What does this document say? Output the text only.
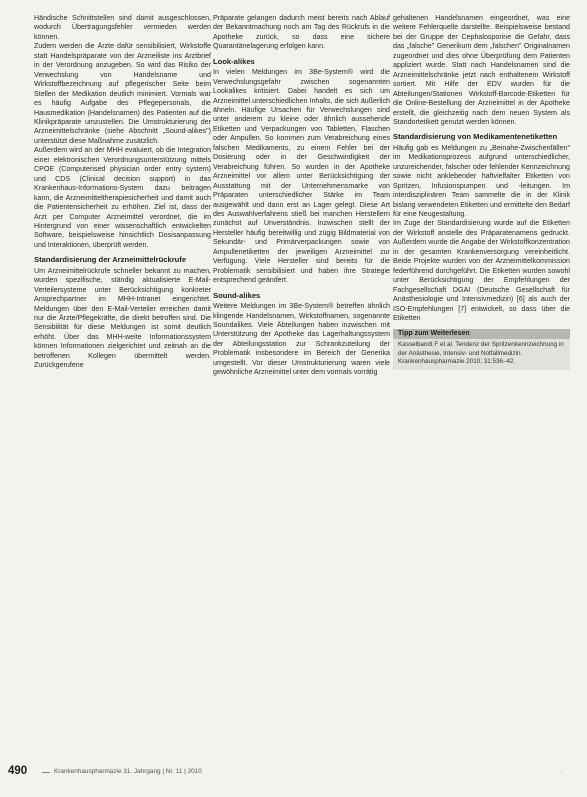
Händische Schnittstellen sind damit ausgeschlossen, wodurch Übertragungsfehler vermieden werden können.

Zudem werden die Ärzte dafür sensibilisiert, Wirkstoffe statt Handelspräparate von der Arzneiliste ins Arztbrief in der Verordnung anzugeben. So wird das Risiko der Verwechslung von Handelsname und Wirkstoffbezeichnung auf pflegerischer Seite beim Stellen der Medikation deutlich minimiert. Vormals war es häufig Aufgabe des Pflegepersonals, die Hausmedikation (Handelsnamen) des Patienten auf die Klinikpräparate umzustellen. Die Umstrukturierung der Arzneimittelschränke (siehe Abschnitt „Sound-alikes") unterstützt diese Maßnahme zusätzlich.

Außerdem wird an der MHH evaluiert, ob die Integration einer elektronischen Verordnungsunterstützung mittels CPOE (Computerised physician order entry system) und CDS (Clinical decision support) in das Krankenhaus-Informations-System dazu beitragen kann, die Arzneimitteltherapiesicherheit und damit auch die Patientensicherheit zu erhöhen. Ziel ist, dass der Arzt per Computer Arzneimittel verordnet, die im Hintergrund von einer wissenschaftlich entwickelten Software, beispielsweise hinsichtlich Dosisanpassung und Interaktionen, überprüft werden.

Standardisierung der Arzneimittelrückrufe

Um Arzneimittelrückrufe schneller bekannt zu machen, wurden spezifische, ständig aktualisierte E-Mail-Verteilersysteme unter Berücksichtigung konkreter Ansprechpartner im MHH-Intranet eingerichtet. Meldungen über den E-Mail-Verteiler erreichen damit nur die Ärzte/Pflegekräfte, die direkt betroffen sind. Die Sensibilität für diese Meldungen ist somit deutlich erhöht. Über das MHH-weite Informationssystem können Informationen zielgerichtet und zeitnah an die betroffenen Kollegen übermittelt werden. Zurückgerufene

Präparate gelangen dadurch meist bereits nach Ablauf der Bekanntmachung noch am Tag des Rückrufs in die Apotheke zurück, so dass eine sichere Quarantänelagerung erfolgen kann.

Look-alikes

In vielen Meldungen im 3Be-System® wird die Verwechslungsgefahr zwischen sogenannten Lookalikes kritisiert. Dabei handelt es sich um Arzneimittel unterschiedlichen Inhalts, die sich äußerlich ähneln. Häufige Ursachen für Verwechslungen sind unter anderem zu kleine oder ähnlich aussehende Etiketten und Verpackungen von Tabletten, Flaschen oder Ampullen. So kommen zum Verabreichung eines falschen Medikaments, zu einem Fehler bei der Dosierung oder in der Geschwindigkeit der Verabreichung führen. So wurden in der Apotheke Arzneimittel vor allem unter Berücksichtigung der Ausstattung mit der Unternehmensmarke von Präparaten unterschiedlicher Stärke im Team ausgewählt und dann erst an Lager gelegt. Diese Art des Auswahlverfahrens stieß bei manchen Herstellern zunächst auf Unverständnis. Inzwischen stellt der Hersteller häufig bereitwillig und zügig Bildmaterial von Sekundär- und Primärverpackungen sowie von Ampullenetiketten der jeweiligen Arzneimittel zur Verfügung. Viele Hersteller sind bereits für die Problematik sensibilisiert und haben ihre Strategie entsprechend geändert.

Sound-alikes

Weitere Meldungen im 3Be-System® betreffen ähnlich klingende Handelsnamen, Wirkstoffnamen, sogenannte Soundalikes. Viele Äbteilungen haben inzwischen mit Unterstützung der Apotheke das Lagerhaltungssystem der Abteilungsstation zur Schrankzuteilung der Problematik insbesondere im Bereich der Generika umgestellt. Vor dieser Umstrukturierung waren viele gewöhnliche Arzneimittel unter dem vormals vorrätig

gehaltenen Handelsnamen eingeordnet, was eine weitere Fehlerquelle darstellte. Beispielsweise bestand bei der Gruppe der Cephalosporine die Gefahr, dass das „falsche" Generikum dem „falschen" Originalnamen zugeordnet und dies ohne Überprüfung dem Patienten appliziert wurde. Statt nach Handelsnamen sind die Arzneimittelschränke jetzt nach enthaltenem Wirkstoff sortiert. Mit Hilfe der EDV wurden für die Abteilungen/Stationen Wirkstoff-Barcode-Etiketten für die Online-Bestellung der Arzneimittel in der Apotheke erstellt, die gleichzeitig nach dem neuen System als Standortetikett genutzt werden können.

Standardisierung von Medikamentenetiketten

Häufig gab es Meldungen zu „Beinahe-Zwischenfällen" im Medikationsprozess aufgrund unterschiedlicher, unzureichender, falscher oder fehlender Kennzeichnung sowie nicht anklebender haftvielfalter Etiketten von Spritzen, Infusionspumpen und -leitungen. Im interdisziplinären Team sammelte die in der Klinik bislang verwendeten Etiketten und ermittelte den Bedarf für eine Neugestaltung.

Im Zuge der Standardisierung wurde auf die Etiketten der Wirkstoff anstelle des Präparatenamens gedruckt. Außerdem wurde die Angabe der Wirkstoffkonzentration in der gesamten Krankenversorgung vereinheitlicht. Beide Projekte wurden von der Arzneimittelkommission federführend durchgeführt. Die Etiketten wurden sowohl unter Berücksichtigung der Empfehlungen der Fachgesellschaft DGAI (Deutsche Gesellschaft für Anästhesiologie und Intensivmedizin) [6] als auch der ISO-Empfehlungen [7] entwickelt, so dass über die Etiketten

Tipp zum Weiterlesen
Kasselbandt F et al. Tendenz der Spritzenkennzeichnung in der Anästhesie, Intensiv- und Notfallmedizin. Krankenhauspharmazie 2010; 31:536–42.
490	Krankenhauspharmazie 31. Jahrgang | Nr. 11 | 2010	·
